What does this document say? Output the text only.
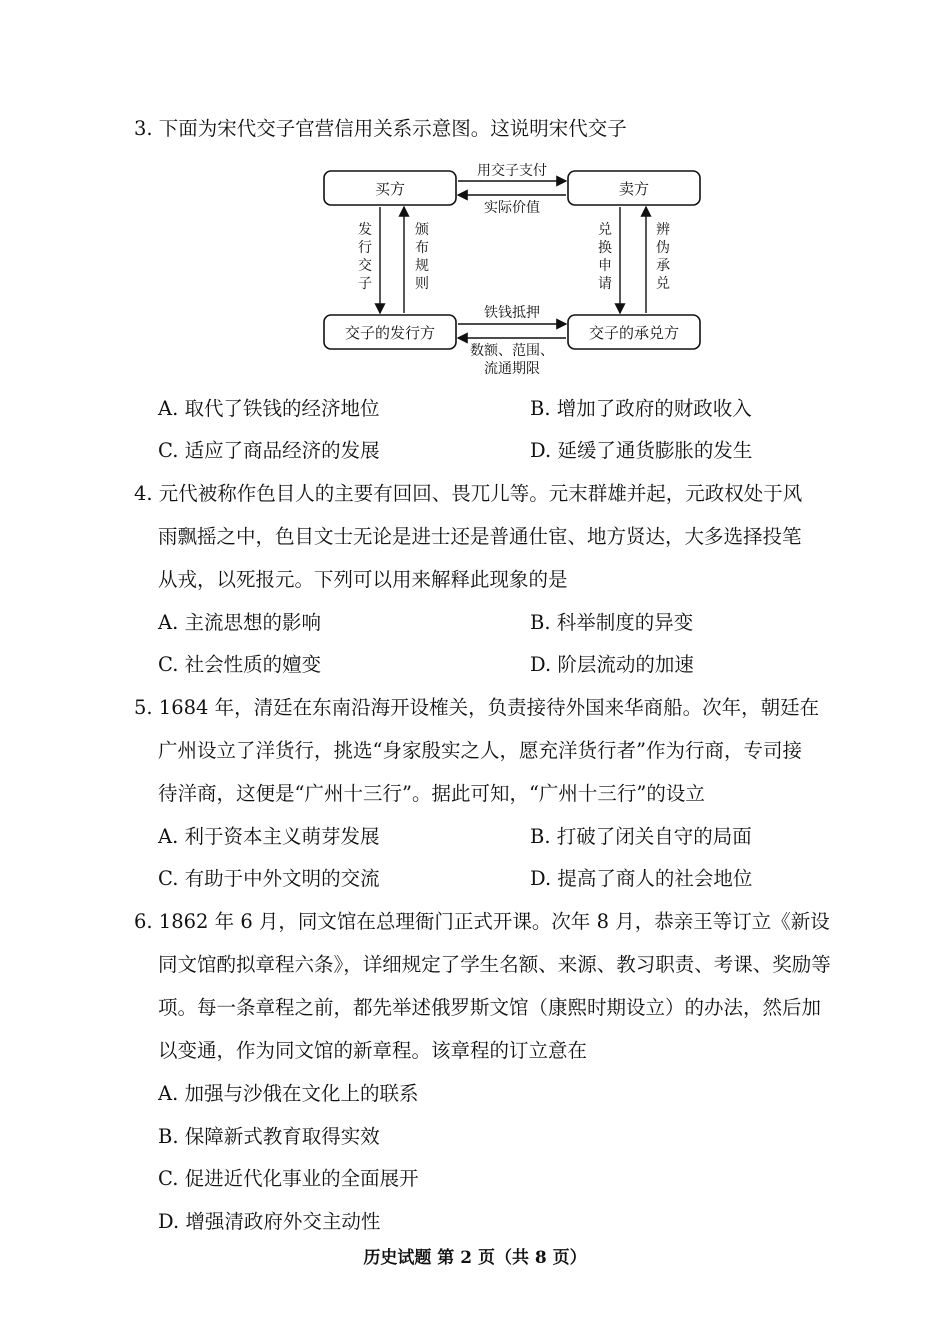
3. 下面为宋代交子官营信用关系示意图。这说明宋代交子
买方	卖方
交子的发行方	交子的承兑方
用交子支付
实际价值
铁钱抵押
数额、范围、
流通期限
发
行
交
子
颁
布
规
则
兑
换
申
请
辨
伪
承
兑
A. 取代了铁钱的经济地位	B. 增加了政府的财政收入
C. 适应了商品经济的发展	D. 延缓了通货膨胀的发生
4. 元代被称作色目人的主要有回回、畏兀儿等。元末群雄并起，元政权处于风
雨飘摇之中，色目文士无论是进士还是普通仕宦、地方贤达，大多选择投笔
从戎，以死报元。下列可以用来解释此现象的是
A. 主流思想的影响	B. 科举制度的异变
C. 社会性质的嬗变	D. 阶层流动的加速
5. 1684 年，清廷在东南沿海开设榷关，负责接待外国来华商船。次年，朝廷在
广州设立了洋货行，挑选“身家殷实之人，愿充洋货行者”作为行商，专司接
待洋商，这便是“广州十三行”。据此可知，“广州十三行”的设立
A. 利于资本主义萌芽发展	B. 打破了闭关自守的局面
C. 有助于中外文明的交流	D. 提高了商人的社会地位
6. 1862 年 6 月，同文馆在总理衙门正式开课。次年 8 月，恭亲王等订立《新设
同文馆酌拟章程六条》，详细规定了学生名额、来源、教习职责、考课、奖励等
项。每一条章程之前，都先举述俄罗斯文馆（康熙时期设立）的办法，然后加
以变通，作为同文馆的新章程。该章程的订立意在
A. 加强与沙俄在文化上的联系
B. 保障新式教育取得实效
C. 促进近代化事业的全面展开
D. 增强清政府外交主动性
历史试题 第 2 页（共 8 页）
